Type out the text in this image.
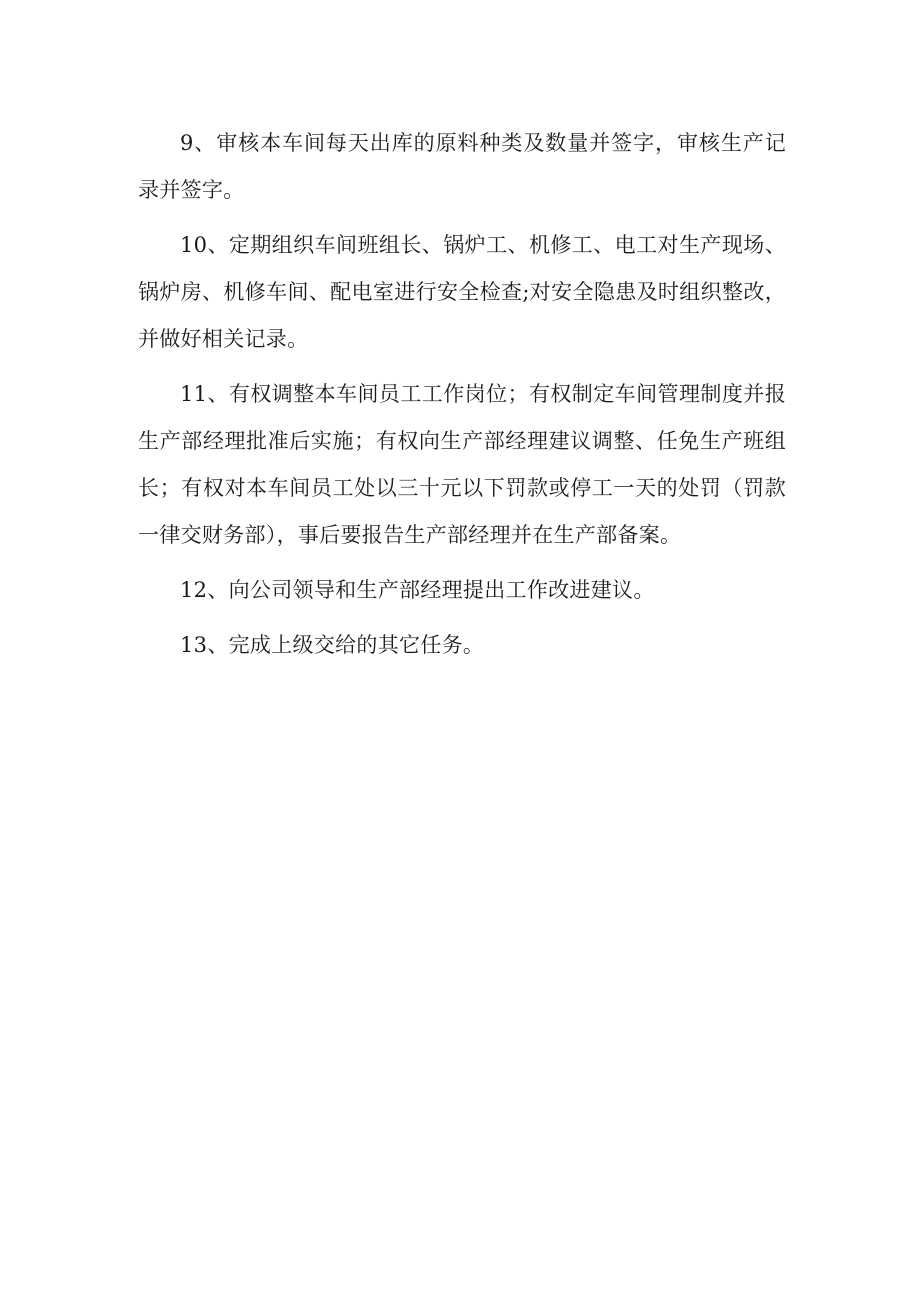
9、审核本车间每天出库的原料种类及数量并签字，审核生产记录并签字。

10、定期组织车间班组长、锅炉工、机修工、电工对生产现场、锅炉房、机修车间、配电室进行安全检查;对安全隐患及时组织整改，并做好相关记录。

11、有权调整本车间员工工作岗位；有权制定车间管理制度并报生产部经理批准后实施；有权向生产部经理建议调整、任免生产班组长；有权对本车间员工处以三十元以下罚款或停工一天的处罚（罚款一律交财务部），事后要报告生产部经理并在生产部备案。

12、向公司领导和生产部经理提出工作改进建议。

13、完成上级交给的其它任务。
